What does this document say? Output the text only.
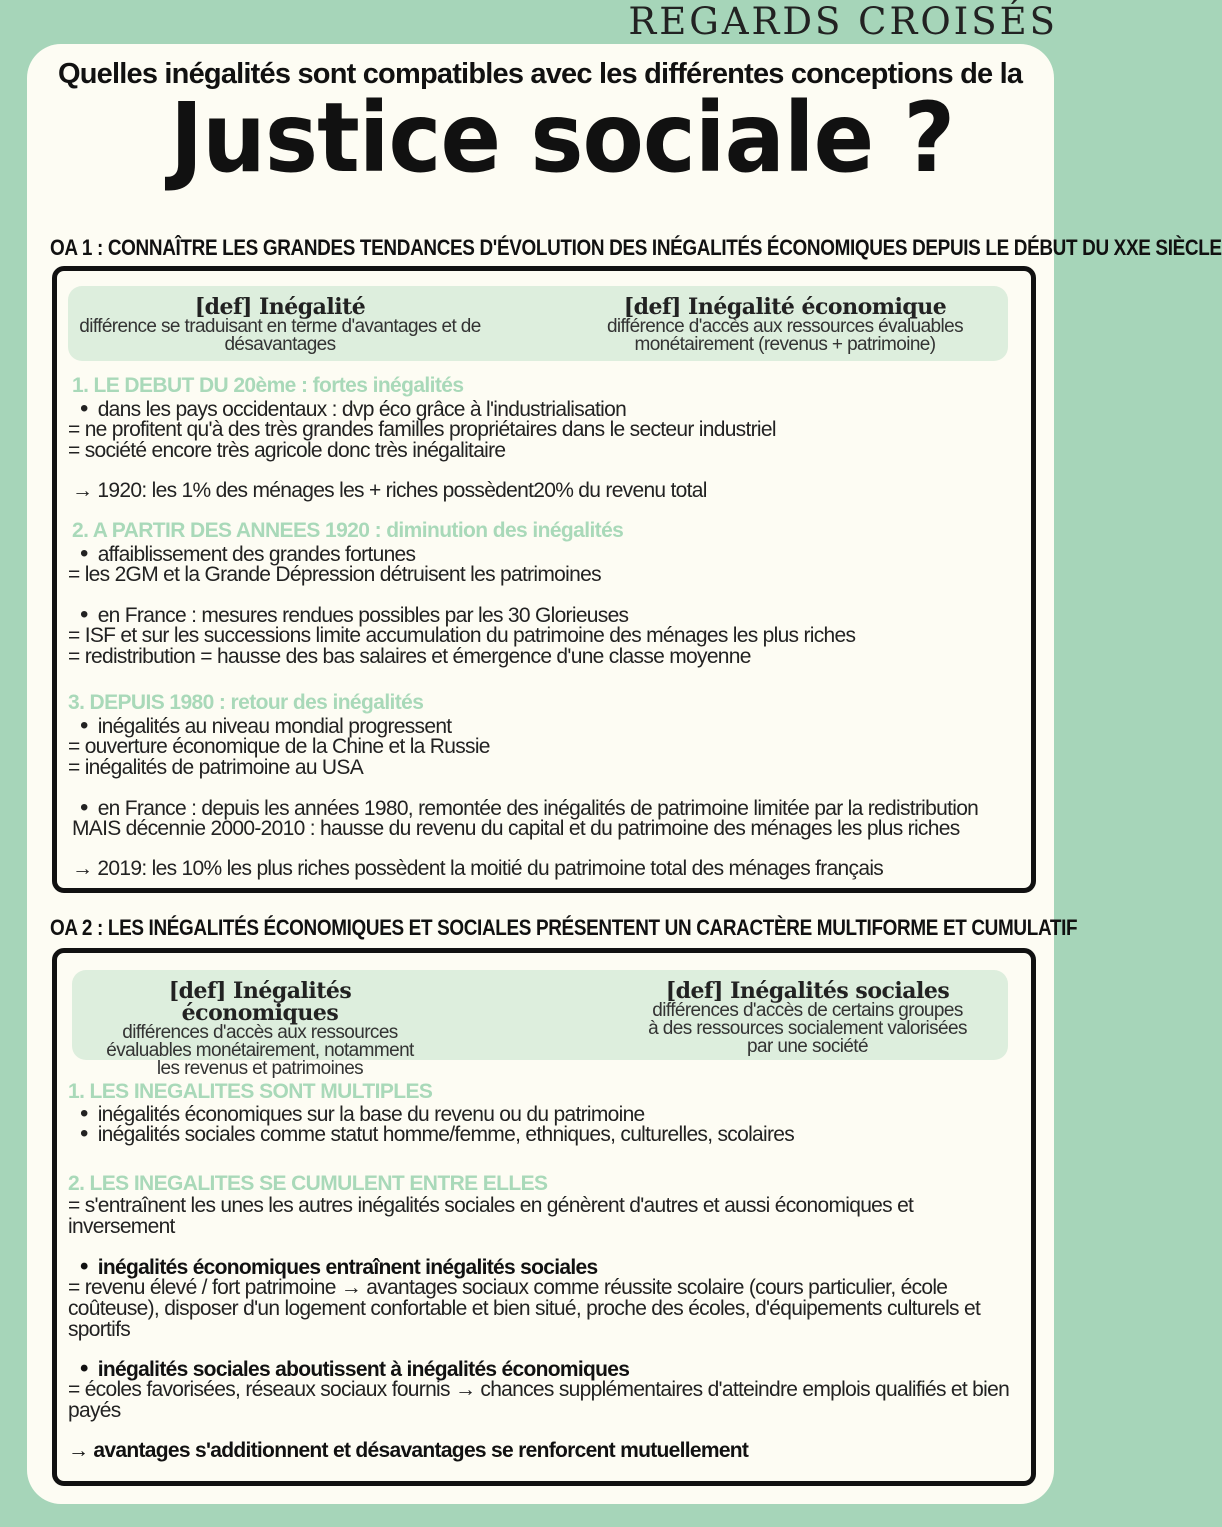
REGARDS CROISÉS
Quelles inégalités sont compatibles avec les différentes conceptions de la
Justice sociale ?
OA 1 : CONNAÎTRE LES GRANDES TENDANCES D'ÉVOLUTION DES INÉGALITÉS ÉCONOMIQUES DEPUIS LE DÉBUT DU XXE SIÈCLE
[def] Inégalité
différence se traduisant en terme d'avantages et de
désavantages
[def] Inégalité économique
différence d'accès aux ressources évaluables
monétairement (revenus + patrimoine)
1. LE DEBUT DU 20ème : fortes inégalités
• dans les pays occidentaux : dvp éco grâce à l'industrialisation
= ne profitent qu'à des très grandes familles propriétaires dans le secteur industriel
= société encore très agricole donc très inégalitaire
→ 1920: les 1% des ménages les + riches possèdent20% du revenu total
2. A PARTIR DES ANNEES 1920 : diminution des inégalités
• affaiblissement des grandes fortunes
= les 2GM et la Grande Dépression détruisent les patrimoines
• en France : mesures rendues possibles par les 30 Glorieuses
= ISF et sur les successions limite accumulation du patrimoine des ménages les plus riches
= redistribution = hausse des bas salaires et émergence d'une classe moyenne
3. DEPUIS 1980 : retour des inégalités
• inégalités au niveau mondial progressent
= ouverture économique de la Chine et la Russie
= inégalités de patrimoine au USA
• en France : depuis les années 1980, remontée des inégalités de patrimoine limitée par la redistribution
MAIS décennie 2000-2010 : hausse du revenu du capital et du patrimoine des ménages les plus riches
→ 2019: les 10% les plus riches possèdent la moitié du patrimoine total des ménages français
OA 2 : LES INÉGALITÉS ÉCONOMIQUES ET SOCIALES PRÉSENTENT UN CARACTÈRE MULTIFORME ET CUMULATIF
[def] Inégalités économiques
différences d'accès aux ressources
évaluables monétairement, notamment
les revenus et patrimoines
[def] Inégalités sociales
différences d'accès de certains groupes
à des ressources socialement valorisées
par une société
1. LES INEGALITES SONT MULTIPLES
• inégalités économiques sur la base du revenu ou du patrimoine
• inégalités sociales comme statut homme/femme, ethniques, culturelles, scolaires
2. LES INEGALITES SE CUMULENT ENTRE ELLES
= s'entraînent les unes les autres inégalités sociales en génèrent d'autres et aussi économiques et
inversement
• inégalités économiques entraînent inégalités sociales
= revenu élevé / fort patrimoine → avantages sociaux comme réussite scolaire (cours particulier, école
coûteuse), disposer d'un logement confortable et bien situé, proche des écoles, d'équipements culturels et
sportifs
• inégalités sociales aboutissent à inégalités économiques
= écoles favorisées, réseaux sociaux fournis → chances supplémentaires d'atteindre emplois qualifiés et bien
payés
→ avantages s'additionnent et désavantages se renforcent mutuellement
